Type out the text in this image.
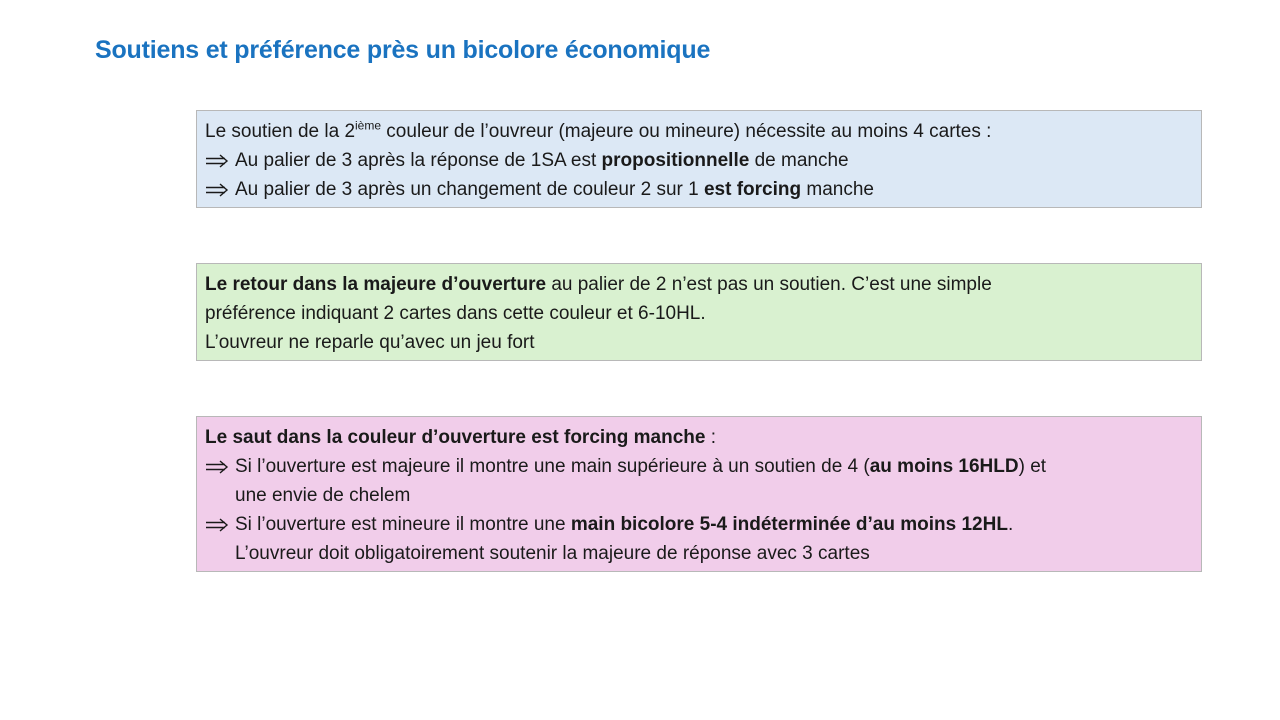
Soutiens et préférence près un bicolore économique
Le soutien de la 2ième couleur de l’ouvreur (majeure ou mineure) nécessite au moins 4 cartes :
Au palier de 3 après la réponse de 1SA est propositionnelle de manche
Au palier de 3 après un changement de couleur 2 sur 1 est forcing manche
Le retour dans la majeure d’ouverture au palier de 2 n’est pas un soutien. C’est une simple
préférence indiquant 2 cartes dans cette couleur et 6-10HL.
L’ouvreur ne reparle qu’avec un jeu fort
Le saut dans la couleur d’ouverture est forcing manche :
Si l’ouverture est majeure il montre une main supérieure à un soutien de 4 (au moins 16HLD) et
une envie de chelem
Si l’ouverture est mineure il montre une main bicolore 5-4 indéterminée d’au moins 12HL.
L’ouvreur doit obligatoirement soutenir la majeure de réponse avec 3 cartes
